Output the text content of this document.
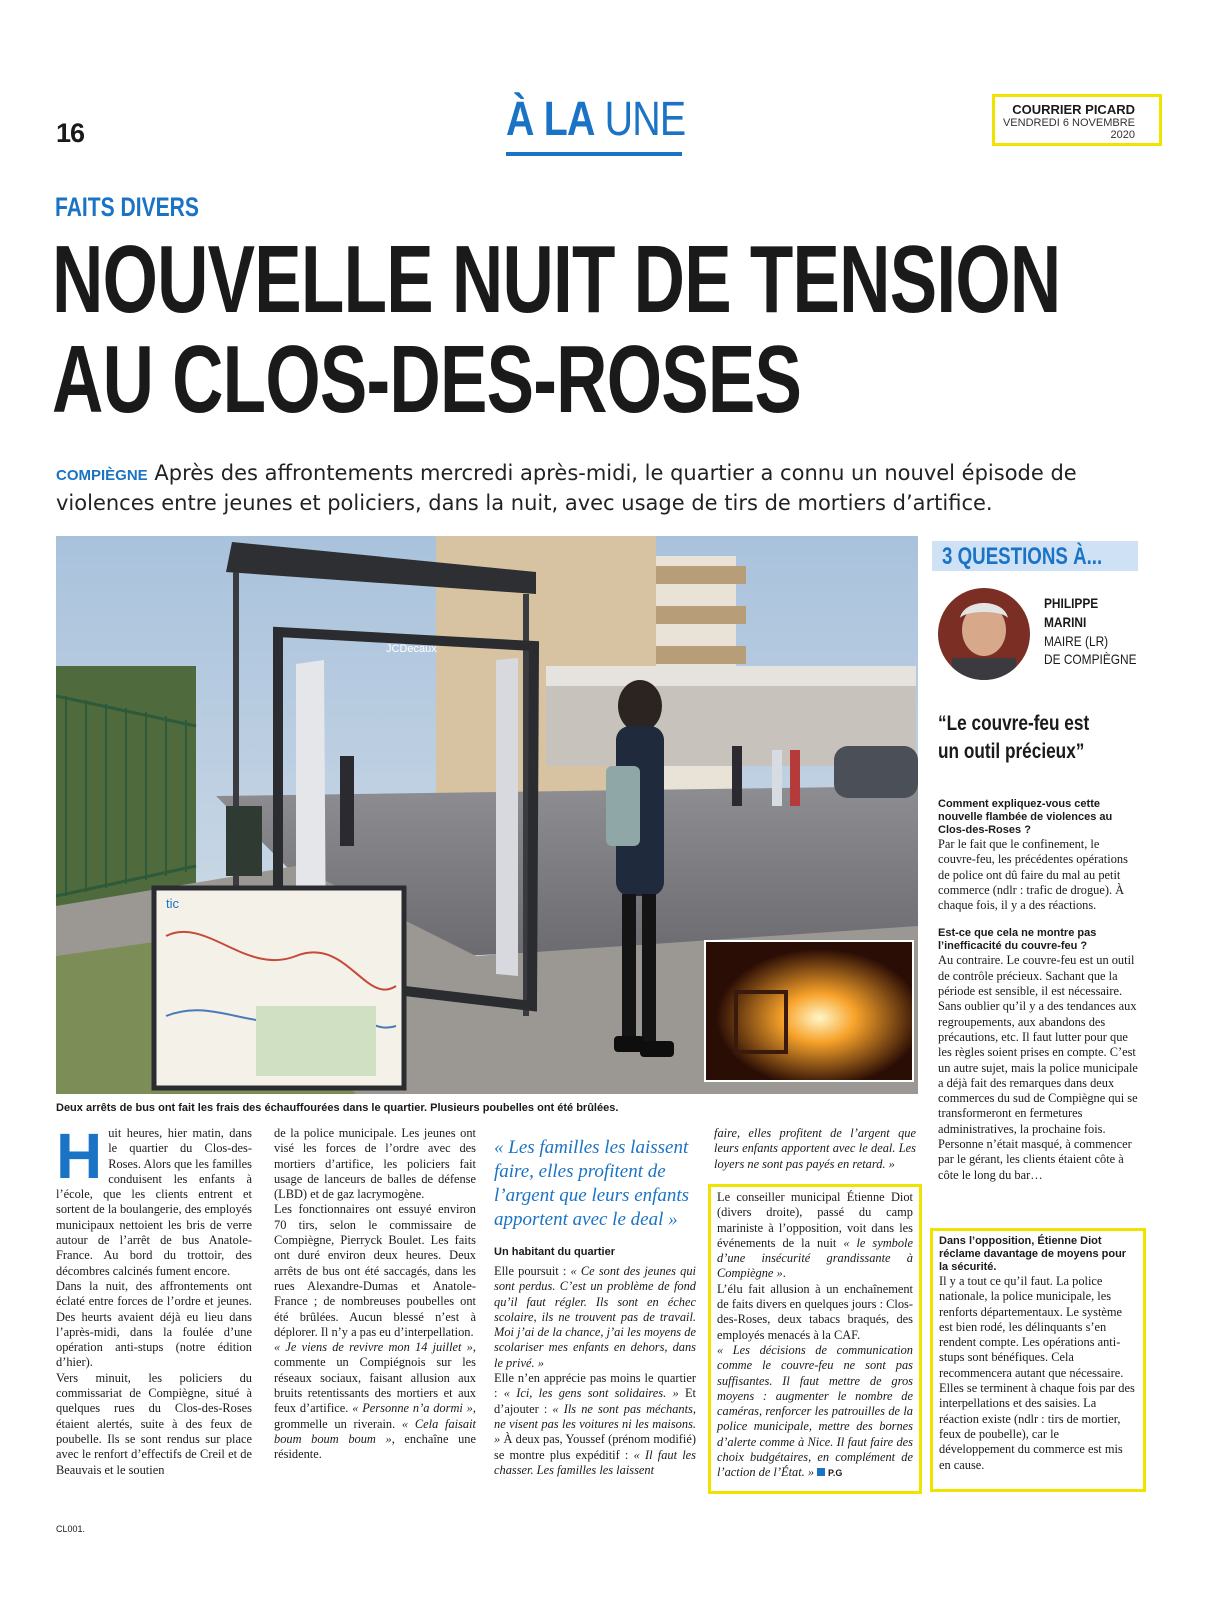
16	À LA UNE	COURRIER PICARD
VENDREDI 6 NOVEMBRE 2020
FAITS DIVERS
NOUVELLE NUIT DE TENSION
AU CLOS-DES-ROSES
COMPIÈGNE Après des affrontements mercredi après-midi, le quartier a connu un nouvel épisode de violences entre jeunes et policiers, dans la nuit, avec usage de tirs de mortiers d’artifice.
JCDecaux
tic
Deux arrêts de bus ont fait les frais des échauffourées dans le quartier. Plusieurs poubelles ont été brûlées.

Huit heures, hier matin, dans le quartier du Clos-des-Roses. Alors que les familles conduisent les enfants à l’école, que les clients entrent et sortent de la boulangerie, des employés municipaux nettoient les bris de verre autour de l’arrêt de bus Anatole-France. Au bord du trottoir, des décombres calcinés fument encore.

Dans la nuit, des affrontements ont éclaté entre forces de l’ordre et jeunes. Des heurts avaient déjà eu lieu dans l’après-midi, dans la foulée d’une opération anti-stups (notre édition d’hier).

Vers minuit, les policiers du commissariat de Compiègne, situé à quelques rues du Clos-des-Roses étaient alertés, suite à des feux de poubelle. Ils se sont rendus sur place avec le renfort d’effectifs de Creil et de Beauvais et le soutien

de la police municipale. Les jeunes ont visé les forces de l’ordre avec des mortiers d’artifice, les policiers fait usage de lanceurs de balles de défense (LBD) et de gaz lacrymogène.

Les fonctionnaires ont essuyé environ 70 tirs, selon le commissaire de Compiègne, Pierryck Boulet. Les faits ont duré environ deux heures. Deux arrêts de bus ont été saccagés, dans les rues Alexandre-Dumas et Anatole-France ; de nombreuses poubelles ont été brûlées. Aucun blessé n’est à déplorer. Il n’y a pas eu d’interpellation.

« Je viens de revivre mon 14 juillet », commente un Compiégnois sur les réseaux sociaux, faisant allusion aux bruits retentissants des mortiers et aux feux d’artifice. « Personne n’a dormi », grommelle un riverain. « Cela faisait boum boum boum », enchaîne une résidente.

« Les familles les laissent faire, elles profitent de l’argent que leurs enfants apportent avec le deal »
Un habitant du quartier

Elle poursuit : « Ce sont des jeunes qui sont perdus. C’est un problème de fond qu’il faut régler. Ils sont en échec scolaire, ils ne trouvent pas de travail. Moi j’ai de la chance, j’ai les moyens de scolariser mes enfants en dehors, dans le privé. »

Elle n’en apprécie pas moins le quartier : « Ici, les gens sont solidaires. » Et d’ajouter : « Ils ne sont pas méchants, ne visent pas les voitures ni les maisons. » À deux pas, Youssef (prénom modifié) se montre plus expéditif : « Il faut les chasser. Les familles les laissent

faire, elles profitent de l’argent que leurs enfants apportent avec le deal. Les loyers ne sont pas payés en retard. »

Le conseiller municipal Étienne Diot (divers droite), passé du camp mariniste à l’opposition, voit dans les événements de la nuit « le symbole d’une insécurité grandissante à Compiègne ».

L’élu fait allusion à un enchaînement de faits divers en quelques jours : Clos-des-Roses, deux tabacs braqués, des employés menacés à la CAF.

« Les décisions de communication comme le couvre-feu ne sont pas suffisantes. Il faut mettre de gros moyens : augmenter le nombre de caméras, renforcer les patrouilles de la police municipale, mettre des bornes d’alerte comme à Nice. Il faut faire des choix budgétaires, en complément de l’action de l’État. » P.G

3 QUESTIONS À...
PHILIPPE
MARINI
MAIRE (LR)
DE COMPIÈGNE
“Le couvre-feu est
un outil précieux”
Comment expliquez-vous cette nouvelle flambée de violences au Clos-des-Roses ?

Par le fait que le confinement, le couvre-feu, les précédentes opérations de police ont dû faire du mal au petit commerce (ndlr : trafic de drogue). À chaque fois, il y a des réactions.

Est-ce que cela ne montre pas l’inefficacité du couvre-feu ?

Au contraire. Le couvre-feu est un outil de contrôle précieux. Sachant que la période est sensible, il est nécessaire. Sans oublier qu’il y a des tendances aux regroupements, aux abandons des précautions, etc. Il faut lutter pour que les règles soient prises en compte. C’est un autre sujet, mais la police municipale a déjà fait des remarques dans deux commerces du sud de Compiègne qui se transformeront en fermetures administratives, la prochaine fois. Personne n’était masqué, à commencer par le gérant, les clients étaient côte à côte le long du bar…

Dans l’opposition, Étienne Diot réclame davantage de moyens pour la sécurité.

Il y a tout ce qu’il faut. La police nationale, la police municipale, les renforts départementaux. Le système est bien rodé, les délinquants s’en rendent compte. Les opérations anti-stups sont bénéfiques. Cela recommencera autant que nécessaire. Elles se terminent à chaque fois par des interpellations et des saisies. La réaction existe (ndlr : tirs de mortier, feux de poubelle), car le développement du commerce est mis en cause.

CL001.
